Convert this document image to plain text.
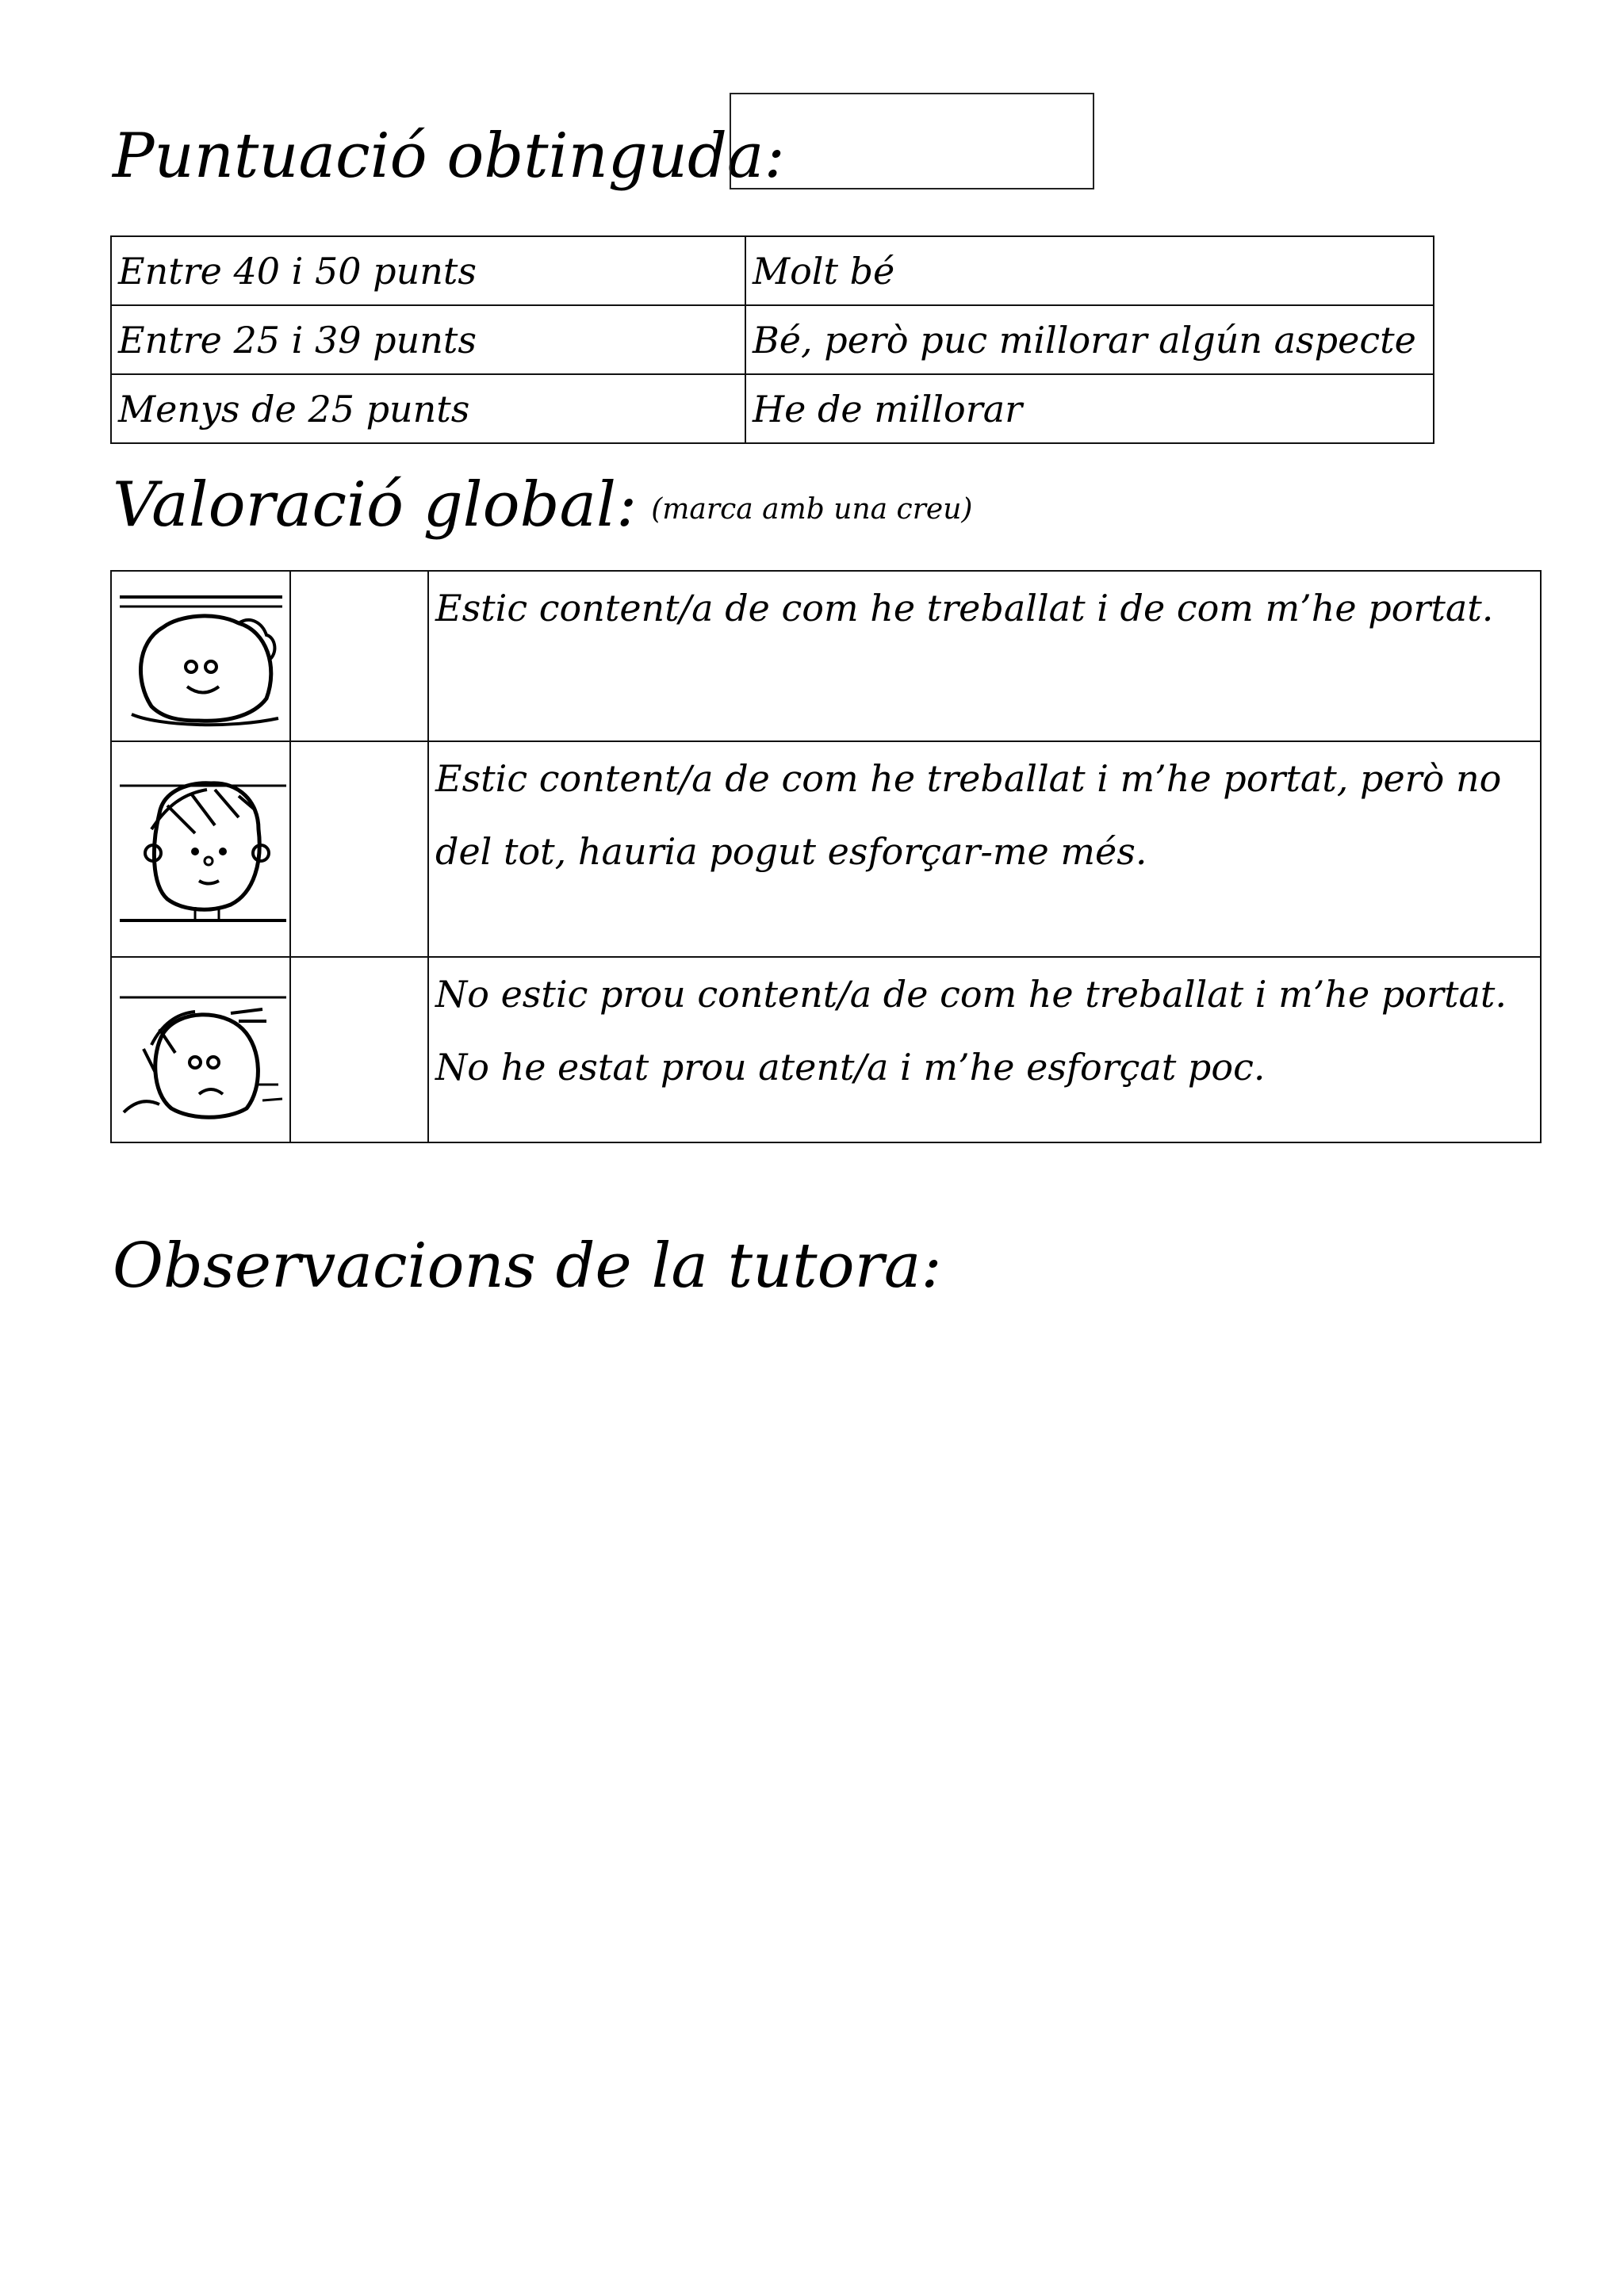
Puntuació obtinguda:
Entre 40 i 50 punts	Molt bé
Entre 25 i 39 punts	Bé, però puc millorar algún aspecte
Menys de 25 punts	He de millorar
Valoració global: (marca amb una creu)

Estic content/a de com he treballat i de com m’he portat.

Estic content/a de com he treballat i m’he portat, però no
del tot, hauria pogut esforçar-me més.

No estic prou content/a de com he treballat i m’he portat.
No he estat prou atent/a i m’he esforçat poc.
Observacions de la tutora:
